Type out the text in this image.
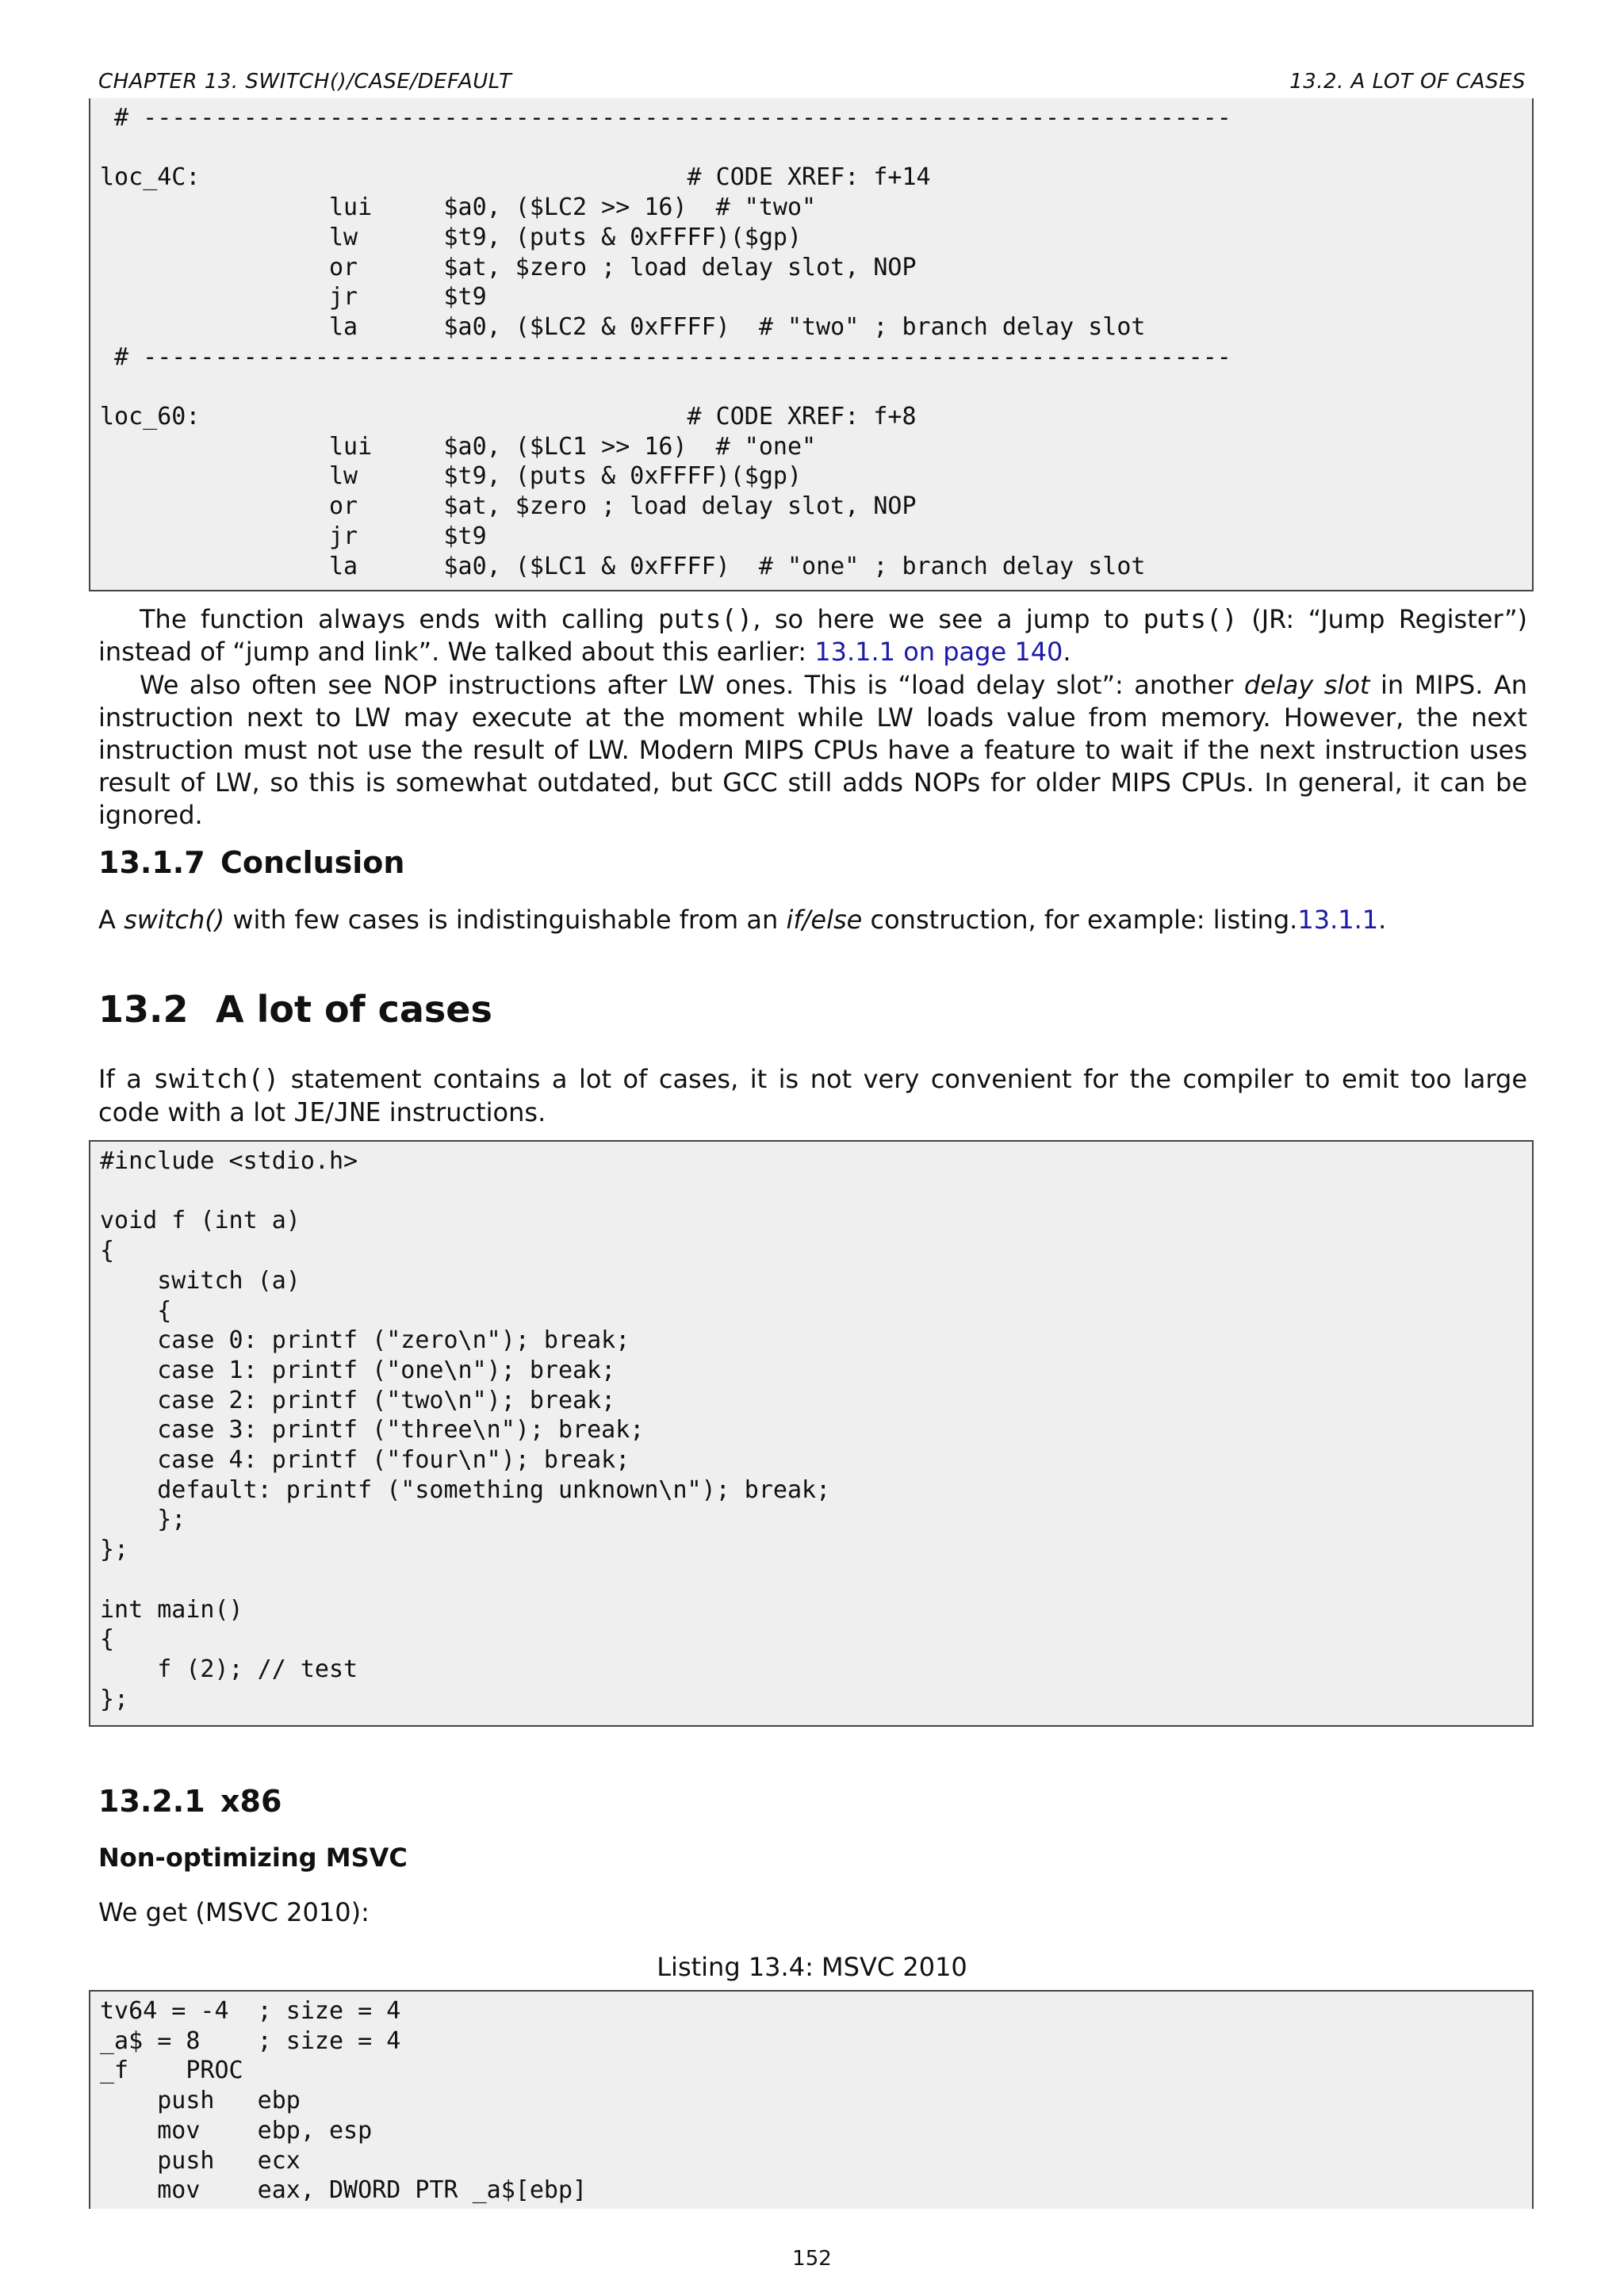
CHAPTER 13. SWITCH()/CASE/DEFAULT	13.2. A LOT OF CASES
# ----------------------------------------------------------------------------

loc_4C:                                  # CODE XREF: f+14
lui     $a0, ($LC2 >> 16)  # "two"
lw      $t9, (puts & 0xFFFF)($gp)
or      $at, $zero ; load delay slot, NOP
jr      $t9
la      $a0, ($LC2 & 0xFFFF)  # "two" ; branch delay slot
# ----------------------------------------------------------------------------

loc_60:                                  # CODE XREF: f+8
lui     $a0, ($LC1 >> 16)  # "one"
lw      $t9, (puts & 0xFFFF)($gp)
or      $at, $zero ; load delay slot, NOP
jr      $t9
la      $a0, ($LC1 & 0xFFFF)  # "one" ; branch delay slot
The function always ends with calling puts(), so here we see a jump to puts() (JR: “Jump Register”) instead of “jump and link”. We talked about this earlier: 13.1.1 on page 140.
We also often see NOP instructions after LW ones. This is “load delay slot”: another delay slot in MIPS. An instruction next to LW may execute at the moment while LW loads value from memory. However, the next instruction must not use the result of LW. Modern MIPS CPUs have a feature to wait if the next instruction uses result of LW, so this is somewhat outdated, but GCC still adds NOPs for older MIPS CPUs. In general, it can be ignored.
13.1.7 Conclusion
A switch() with few cases is indistinguishable from an if/else construction, for example: listing.13.1.1.
13.2 A lot of cases
If a switch() statement contains a lot of cases, it is not very convenient for the compiler to emit too large code with a lot JE/JNE instructions.
#include <stdio.h>

void f (int a)
{
switch (a)
{
case 0: printf ("zero\n"); break;
case 1: printf ("one\n"); break;
case 2: printf ("two\n"); break;
case 3: printf ("three\n"); break;
case 4: printf ("four\n"); break;
default: printf ("something unknown\n"); break;
};
};

int main()
{
f (2); // test
};
13.2.1 x86
Non-optimizing MSVC
We get (MSVC 2010):
Listing 13.4: MSVC 2010
tv64 = -4  ; size = 4
_a$ = 8    ; size = 4
_f    PROC
push   ebp
mov    ebp, esp
push   ecx
mov    eax, DWORD PTR _a$[ebp]
152
